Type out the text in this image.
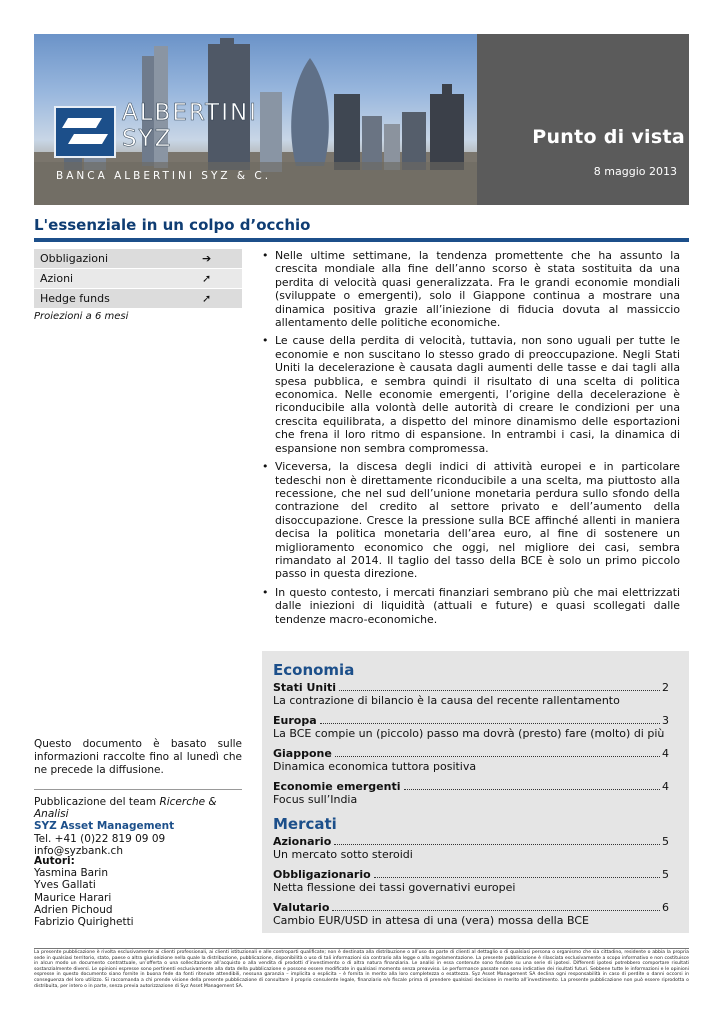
ALBERTINI
SYZ
BANCA ALBERTINI SYZ & C.
Punto di vista
8 maggio 2013
L'essenziale in un colpo d’occhio
Obbligazioni	➔
Azioni	➚
Hedge funds	➚
Proiezioni a 6 mesi
• Nelle ultime settimane, la tendenza promettente che ha assunto la crescita mondiale alla fine dell’anno scorso è stata sostituita da una perdita di velocità quasi generalizzata. Fra le grandi economie mondiali (sviluppate o emergenti), solo il Giappone continua a mostrare una dinamica positiva grazie all’iniezione di fiducia dovuta al massiccio allentamento delle politiche economiche.
• Le cause della perdita di velocità, tuttavia, non sono uguali per tutte le economie e non suscitano lo stesso grado di preoccupazione. Negli Stati Uniti la decelerazione è causata dagli aumenti delle tasse e dai tagli alla spesa pubblica, e sembra quindi il risultato di una scelta di politica economica. Nelle economie emergenti, l’origine della decelerazione è riconducibile alla volontà delle autorità di creare le condizioni per una crescita equilibrata, a dispetto del minore dinamismo delle esportazioni che frena il loro ritmo di espansione. In entrambi i casi, la dinamica di espansione non sembra compromessa.
• Viceversa, la discesa degli indici di attività europei e in particolare tedeschi non è direttamente riconducibile a una scelta, ma piuttosto alla recessione, che nel sud dell’unione monetaria perdura sullo sfondo della contrazione del credito al settore privato e dell’aumento della disoccupazione. Cresce la pressione sulla BCE affinché allenti in maniera decisa la politica monetaria dell’area euro, al fine di sostenere un miglioramento economico che oggi, nel migliore dei casi, sembra rimandato al 2014. Il taglio del tasso della BCE è solo un primo piccolo passo in questa direzione.
• In questo contesto, i mercati finanziari sembrano più che mai elettrizzati dalle iniezioni di liquidità (attuali e future) e quasi scollegati dalle tendenze macro-economiche.
Economia
Stati Uniti	2
La contrazione di bilancio è la causa del recente rallentamento
Europa	3
La BCE compie un (piccolo) passo ma dovrà (presto) fare (molto) di più
Giappone	4
Dinamica economica tuttora positiva
Economie emergenti	4
Focus sull’India
Mercati
Azionario	5
Un mercato sotto steroidi
Obbligazionario	5
Netta flessione dei tassi governativi europei
Valutario	6
Cambio EUR/USD in attesa di una (vera) mossa della BCE
Questo documento è basato sulle informazioni raccolte fino al lunedì che ne precede la diffusione.
Pubblicazione del team Ricerche & Analisi
SYZ Asset Management
Tel. +41 (0)22 819 09 09
info@syzbank.ch
Autori:
Yasmina Barin
Yves Gallati
Maurice Harari
Adrien Pichoud
Fabrizio Quirighetti
La presente pubblicazione è rivolta esclusivamente ai clienti professionali, ai clienti istituzionali e alle controparti qualificate; non è destinata alla distribuzione o all’uso da parte di clienti al dettaglio o di qualsiasi persona o organismo che sia cittadino, residente o abbia la propria sede in qualsiasi territorio, stato, paese o altra giurisdizione nella quale la distribuzione, pubblicazione, disponibilità o uso di tali informazioni sia contrario alla legge o alla regolamentazione. La presente pubblicazione è rilasciata esclusivamente a scopo informativo e non costituisce in alcun modo un documento contrattuale, un’offerta o una sollecitazione all’acquisto o alla vendita di prodotti d’investimento o di altra natura finanziaria. Le analisi in essa contenute sono fondate su una serie di ipotesi. Differenti ipotesi potrebbero comportare risultati sostanzialmente diversi. Le opinioni espresse sono pertinenti esclusivamente alla data della pubblicazione e possono essere modificate in qualsiasi momento senza preavviso. Le performance passate non sono indicative dei risultati futuri. Sebbene tutte le informazioni e le opinioni espresse in questo documento siano fornite in buona fede da fonti ritenute attendibili, nessuna garanzia – implicita o esplicita – è fornita in merito alla loro completezza o esattezza. Syz Asset Management SA declina ogni responsabilità in caso di perdite o danni occorsi in conseguenza del loro utilizzo. Si raccomanda a chi prende visione della presente pubblicazione di consultare il proprio consulente legale, finanziario e/o fiscale prima di prendere qualsiasi decisione in merito all’investimento. La presente pubblicazione non può essere riprodotta o distribuita, per intero o in parte, senza previa autorizzazione di Syz Asset Management SA.
